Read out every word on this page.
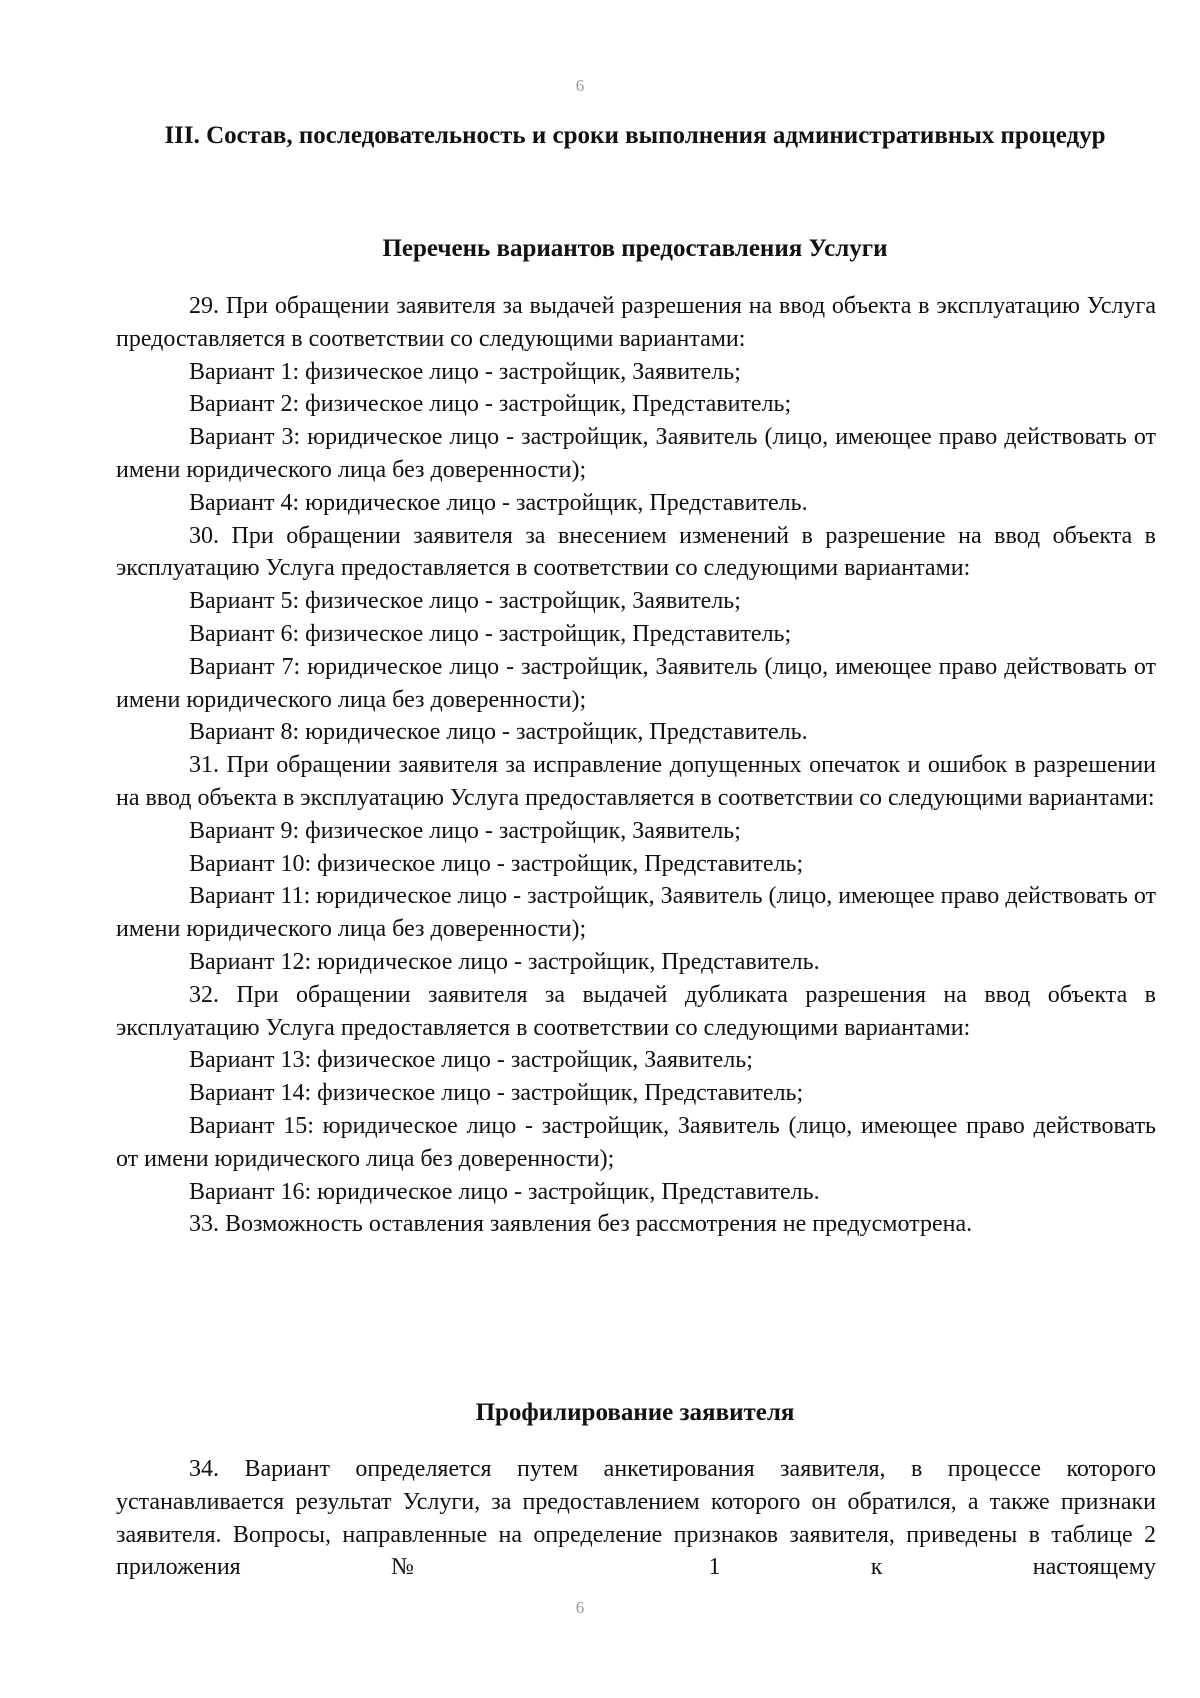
6
III. Состав, последовательность и сроки выполнения административных процедур
Перечень вариантов предоставления Услуги

29. При обращении заявителя за выдачей разрешения на ввод объекта в эксплуатацию Услуга предоставляется в соответствии со следующими вариантами:

Вариант 1: физическое лицо - застройщик, Заявитель;

Вариант 2: физическое лицо - застройщик, Представитель;

Вариант 3: юридическое лицо - застройщик, Заявитель (лицо, имеющее право действовать от имени юридического лица без доверенности);

Вариант 4: юридическое лицо - застройщик, Представитель.

30. При обращении заявителя за внесением изменений в разрешение на ввод объекта в эксплуатацию Услуга предоставляется в соответствии со следующими вариантами:

Вариант 5: физическое лицо - застройщик, Заявитель;

Вариант 6: физическое лицо - застройщик, Представитель;

Вариант 7: юридическое лицо - застройщик, Заявитель (лицо, имеющее право действовать от имени юридического лица без доверенности);

Вариант 8: юридическое лицо - застройщик, Представитель.

31. При обращении заявителя за исправление допущенных опечаток и ошибок в разрешении на ввод объекта в эксплуатацию Услуга предоставляется в соответствии со следующими вариантами:

Вариант 9: физическое лицо - застройщик, Заявитель;

Вариант 10: физическое лицо - застройщик, Представитель;

Вариант 11: юридическое лицо - застройщик, Заявитель (лицо, имеющее право действовать от имени юридического лица без доверенности);

Вариант 12: юридическое лицо - застройщик, Представитель.

32. При обращении заявителя за выдачей дубликата разрешения на ввод объекта в эксплуатацию Услуга предоставляется в соответствии со следующими вариантами:

Вариант 13: физическое лицо - застройщик, Заявитель;

Вариант 14: физическое лицо - застройщик, Представитель;

Вариант 15: юридическое лицо - застройщик, Заявитель (лицо, имеющее право действовать от имени юридического лица без доверенности);

Вариант 16: юридическое лицо - застройщик, Представитель.

33. Возможность оставления заявления без рассмотрения не предусмотрена.

Профилирование заявителя

34. Вариант определяется путем анкетирования заявителя, в процессе которого устанавливается результат Услуги, за предоставлением которого он обратился, а также признаки заявителя. Вопросы, направленные на определение признаков заявителя, приведены в таблице 2 приложения № 1 к настоящему

6
